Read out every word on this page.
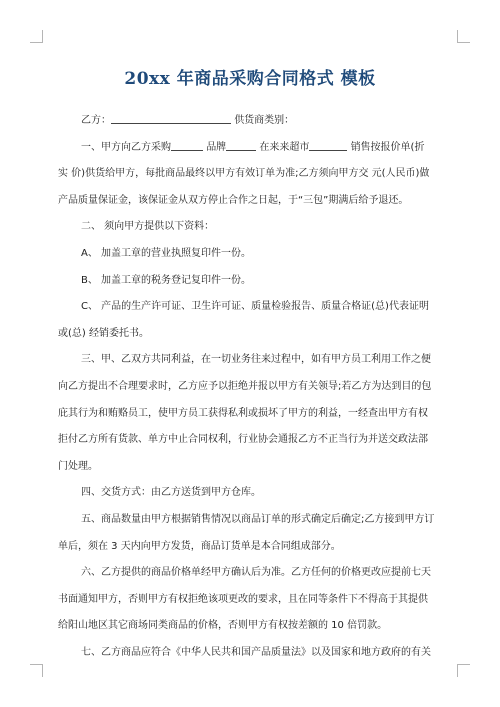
20xx 年商品采购合同格式 模板
乙方：	供货商类别：
一、甲方向乙方采购	品牌	在来来超市	销售按报价单(折
实 价)供货给甲方，每批商品最终以甲方有效订单为准;乙方须向甲方交 元(人民币)做
产品质量保证金，该保证金从双方停止合作之日起，于“三包”期满后给予退还。
二、 须向甲方提供以下资料：
A、 加盖工章的营业执照复印件一份。
B、 加盖工章的税务登记复印件一份。
C、 产品的生产许可证、卫生许可证、质量检验报告、质量合格证(总)代表证明
或(总) 经销委托书。
三、甲、乙双方共同利益，在一切业务往来过程中，如有甲方员工利用工作之便
向乙方提出不合理要求时，乙方应予以拒绝并报以甲方有关领导;若乙方为达到目的包
庇其行为和贿赂员工，使甲方员工获得私利或损坏了甲方的利益，一经查出甲方有权
拒付乙方所有货款、单方中止合同权利，行业协会通报乙方不正当行为并送交政法部
门处理。
四、交货方式：由乙方送货到甲方仓库。
五、商品数量由甲方根据销售情况以商品订单的形式确定后确定;乙方接到甲方订
单后，须在 3 天内向甲方发货，商品订货单是本合同组成部分。
六、乙方提供的商品价格单经甲方确认后为准。乙方任何的价格更改应提前七天
书面通知甲方，否则甲方有权拒绝该项更改的要求，且在同等条件下不得高于其提供
给阳山地区其它商场同类商品的价格，否则甲方有权按差额的 10 倍罚款。
七、乙方商品应符合《中华人民共和国产品质量法》以及国家和地方政府的有关
